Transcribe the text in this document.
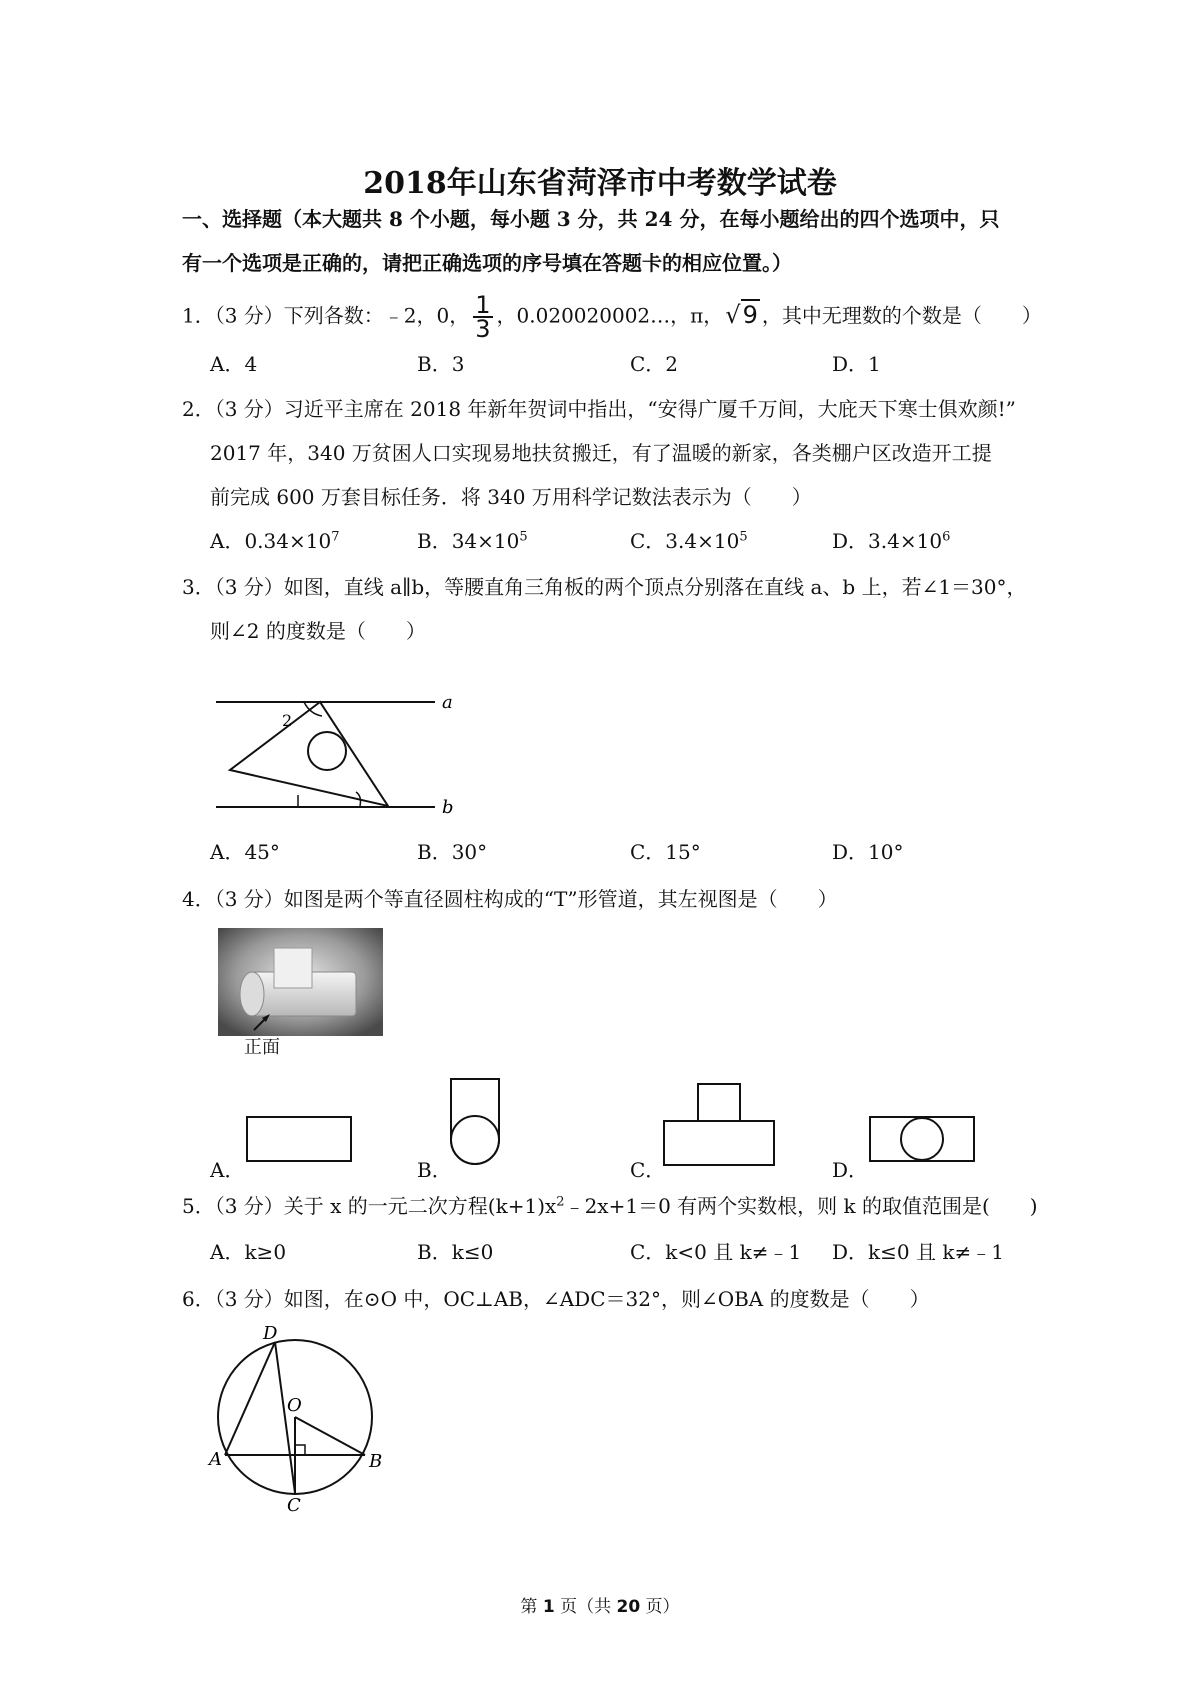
2018年山东省菏泽市中考数学试卷
一、选择题（本大题共 8 个小题，每小题 3 分，共 24 分，在每小题给出的四个选项中，只
有一个选项是正确的，请把正确选项的序号填在答题卡的相应位置。）
1．（3 分）下列各数：﹣2，0， $\frac{1}{3}$ ，0.020020002…，π，√9 ，其中无理数的个数是（　　）
A．4	B．3	C．2	D．1
2．（3 分）习近平主席在 2018 年新年贺词中指出，“安得广厦千万间，大庇天下寒士俱欢颜!”
2017 年，340 万贫困人口实现易地扶贫搬迁，有了温暖的新家，各类棚户区改造开工提
前完成 600 万套目标任务．将 340 万用科学记数法表示为（　　）
A．$0.34\times 10^7$	B．$34\times 10^5$	C．$3.4\times 10^5$	D．$3.4\times 10^6$
3．（3 分）如图，直线 a∥b，等腰直角三角板的两个顶点分别落在直线 a、b 上，若∠1＝30°，
则∠2 的度数是（　　）
2
a
b
A．45°	B．30°	C．15°	D．10°
4．（3 分）如图是两个等直径圆柱构成的“T”形管道，其左视图是（　　）
正面
A．	B．	C．	D．
5．（3 分）关于 x 的一元二次方程$(k+1)x^2﹣2x+1=0$ 有两个实数根，则 k 的取值范围是(　　)
A．k≥0	B．k≤0	C．k<0 且 k≠﹣1 D．k≤0 且 k≠﹣1
6．（3 分）如图，在⊙O 中，OC⊥AB，∠ADC＝32°，则∠OBA 的度数是（　　）
D
O
A	B
C
第 1 页（共 20 页）
